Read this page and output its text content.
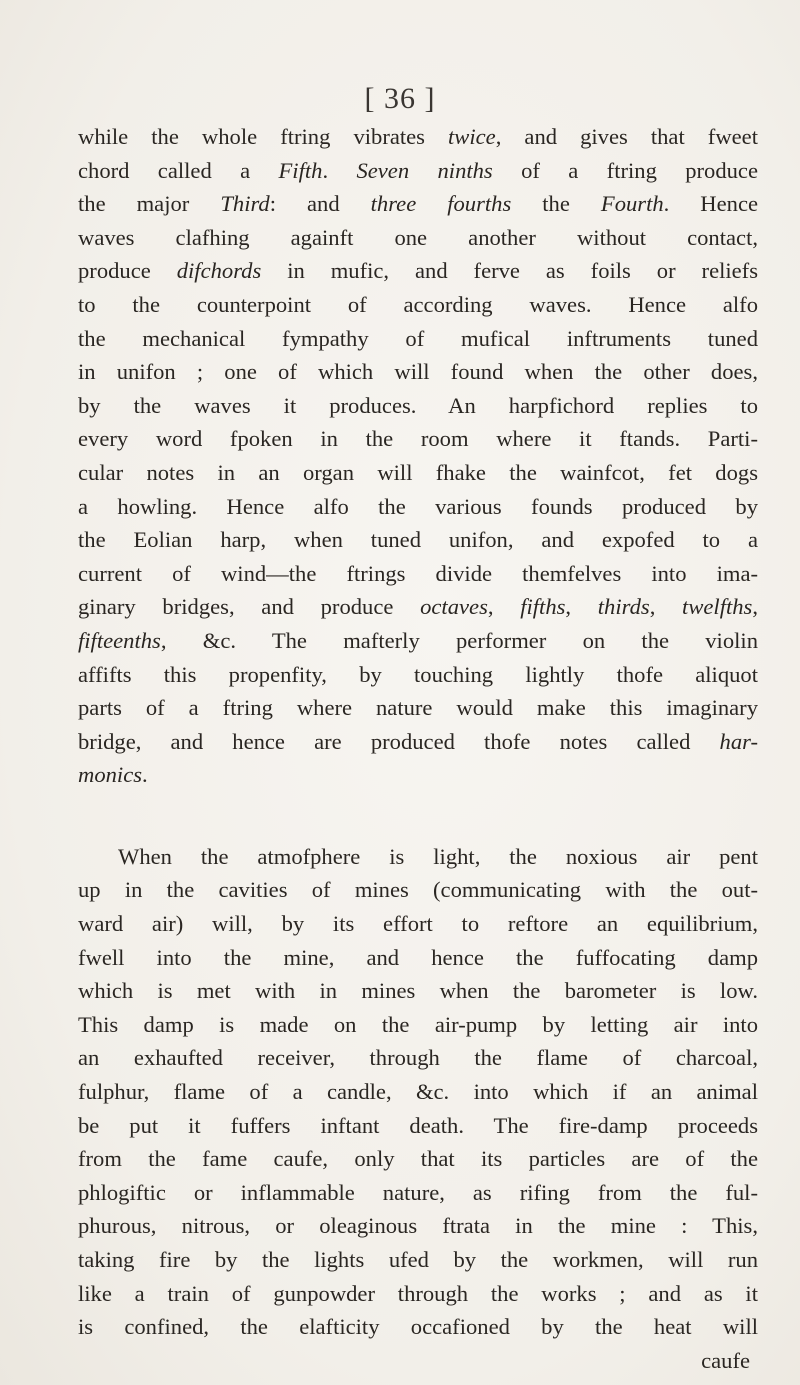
[ 36 ]
while the whole ftring vibrates twice, and gives that fweet
chord called a Fifth. Seven ninths of a ftring produce
the major Third: and three fourths the Fourth. Hence
waves clafhing againft one another without contact,
produce difchords in mufic, and ferve as foils or reliefs
to the counterpoint of according waves. Hence alfo
the mechanical fympathy of mufical inftruments tuned
in unifon ; one of which will found when the other does,
by the waves it produces. An harpfichord replies to
every word fpoken in the room where it ftands. Parti-
cular notes in an organ will fhake the wainfcot, fet dogs
a howling. Hence alfo the various founds produced by
the Eolian harp, when tuned unifon, and expofed to a
current of wind—the ftrings divide themfelves into ima-
ginary bridges, and produce octaves, fifths, thirds, twelfths,
fifteenths, &c. The mafterly performer on the violin
affifts this propenfity, by touching lightly thofe aliquot
parts of a ftring where nature would make this imaginary
bridge, and hence are produced thofe notes called har-
monics.
When the atmofphere is light, the noxious air pent
up in the cavities of mines (communicating with the out-
ward air) will, by its effort to reftore an equilibrium,
fwell into the mine, and hence the fuffocating damp
which is met with in mines when the barometer is low.
This damp is made on the air-pump by letting air into
an exhaufted receiver, through the flame of charcoal,
fulphur, flame of a candle, &c. into which if an animal
be put it fuffers inftant death. The fire-damp proceeds
from the fame caufe, only that its particles are of the
phlogiftic or inflammable nature, as rifing from the ful-
phurous, nitrous, or oleaginous ftrata in the mine : This,
taking fire by the lights ufed by the workmen, will run
like a train of gunpowder through the works ; and as it
is confined, the elafticity occafioned by the heat will
caufe
